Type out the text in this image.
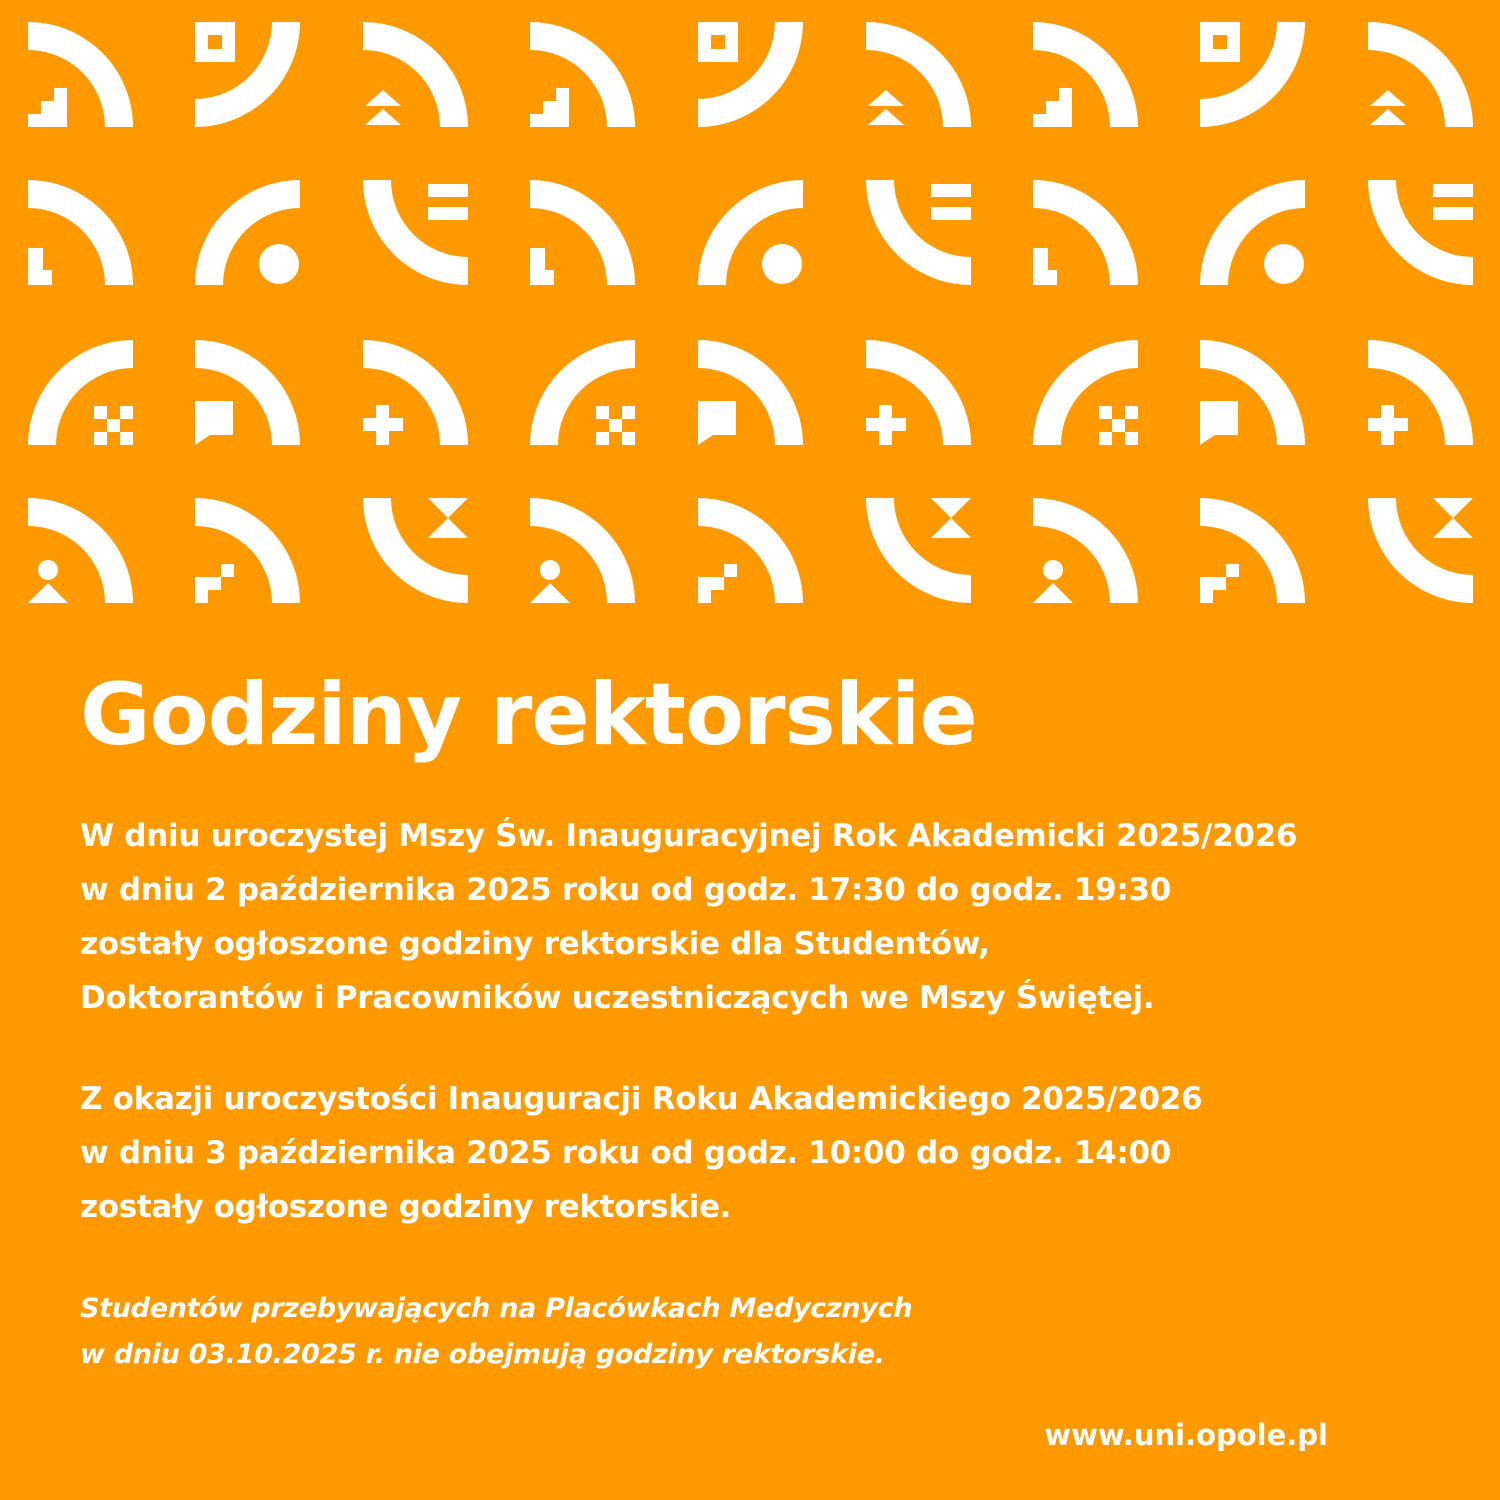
Godziny rektorskie

W dniu uroczystej Mszy Św. Inauguracyjnej Rok Akademicki 2025/2026
w dniu 2 października 2025 roku od godz. 17:30 do godz. 19:30
zostały ogłoszone godziny rektorskie dla Studentów,
Doktorantów i Pracowników uczestniczących we Mszy Świętej.

Z okazji uroczystości Inauguracji Roku Akademickiego 2025/2026
w dniu 3 października 2025 roku od godz. 10:00 do godz. 14:00
zostały ogłoszone godziny rektorskie.

Studentów przebywających na Placówkach Medycznych
w dniu 03.10.2025 r. nie obejmują godziny rektorskie.

www.uni.opole.pl
